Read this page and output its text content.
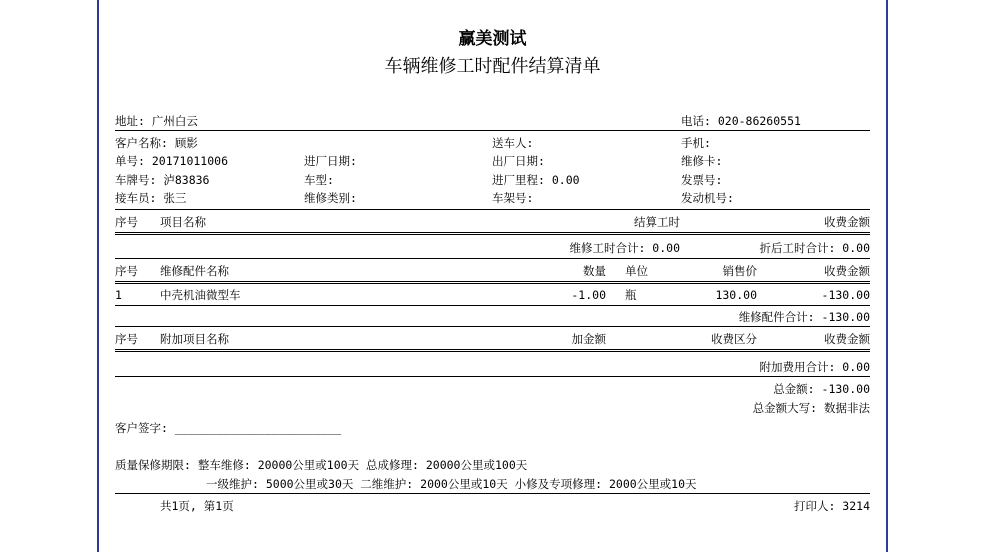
赢美测试
车辆维修工时配件结算清单
地址: 广州白云	电话: 020-86260551
客户名称: 顾影	送车人:	手机:
单号: 20171011006	进厂日期:	出厂日期:	维修卡:
车牌号: 泸83836	车型:	进厂里程: 0.00	发票号:
接车员: 张三	维修类别:	车架号:	发动机号:
序号 项目名称	结算工时	收费金额
维修工时合计: 0.00	折后工时合计: 0.00
序号 维修配件名称	数量 单位	销售价	收费金额
1	中壳机油微型车	-1.00 瓶	130.00	-130.00
维修配件合计: -130.00
序号 附加项目名称	加金额	收费区分	收费金额
附加费用合计: 0.00
总金额: -130.00
总金额大写: 数据非法
客户签字: ________________________
质量保修期限: 整车维修: 20000公里或100天 总成修理: 20000公里或100天
一级维护: 5000公里或30天 二维维护: 2000公里或10天 小修及专项修理: 2000公里或10天
共1页, 第1页	打印人: 3214
